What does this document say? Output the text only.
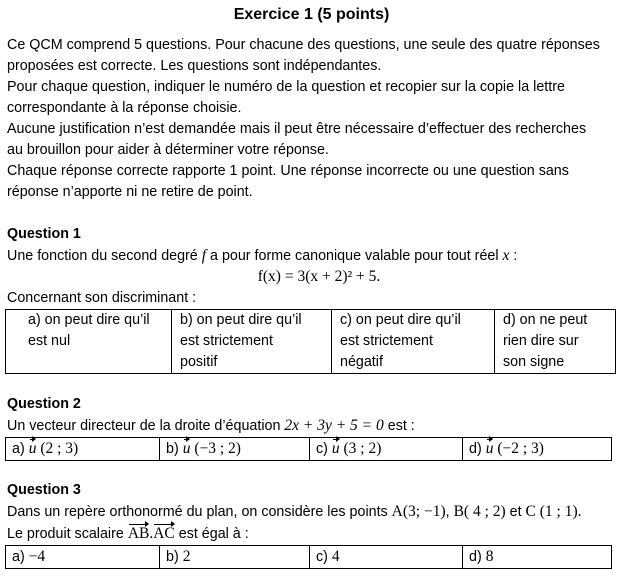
Exercice 1 (5 points)
Ce QCM comprend 5 questions. Pour chacune des questions, une seule des quatre réponses
proposées est correcte. Les questions sont indépendantes.
Pour chaque question, indiquer le numéro de la question et recopier sur la copie la lettre
correspondante à la réponse choisie.
Aucune justification n’est demandée mais il peut être nécessaire d’effectuer des recherches
au brouillon pour aider à déterminer votre réponse.
Chaque réponse correcte rapporte 1 point. Une réponse incorrecte ou une question sans
réponse n’apporte ni ne retire de point.
Question 1
Une fonction du second degré f a pour forme canonique valable pour tout réel x :
f(x) = 3(x + 2)² + 5.
Concernant son discriminant :
a) on peut dire qu’il
est nul

b) on peut dire qu’il
est strictement
positif

c) on peut dire qu’il
est strictement
négatif

d) on ne peut
rien dire sur
son signe
Question 2
Un vecteur directeur de la droite d’équation 2x + 3y + 5 = 0 est :
a) u (2 ; 3)	b) u (−3 ; 2)	c) u (3 ; 2)	d) u (−2 ; 3)
Question 3
Dans un repère orthonormé du plan, on considère les points A(3; −1), B( 4 ; 2) et C (1 ; 1).
Le produit scalaire AB.AC est égal à :
a) −4	b) 2	c) 4	d) 8
